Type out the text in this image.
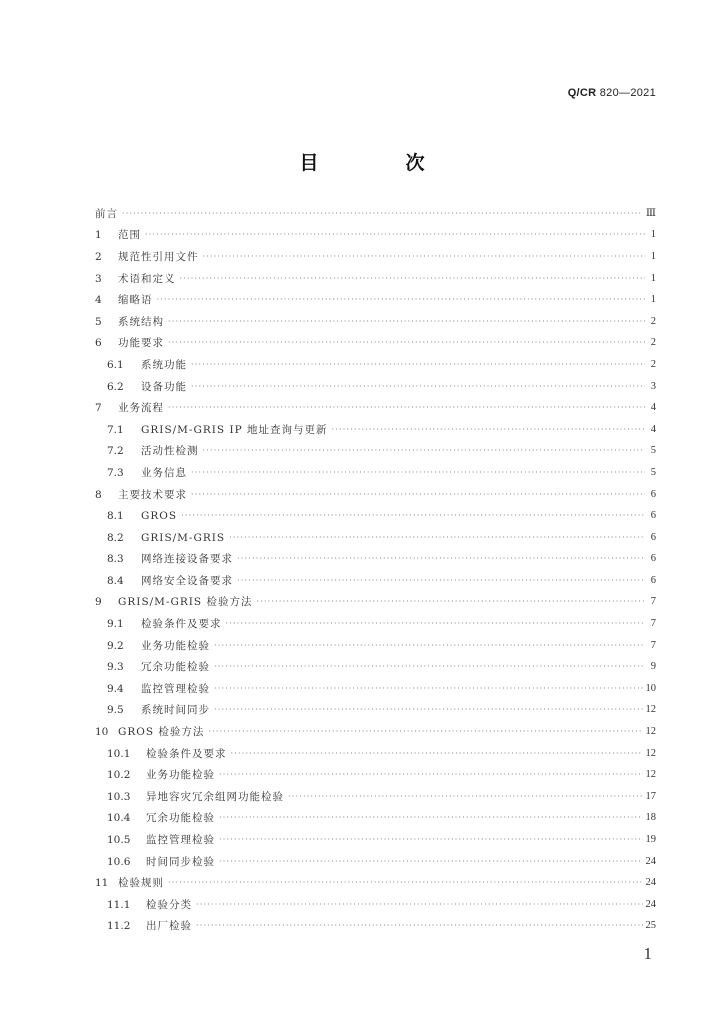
Q/CR 820—2021
目　次
前言 ·····	Ⅲ
1	范围 ·····	1
2	规范性引用文件 ·····	1
3	术语和定义 ·····	1
4	缩略语 ·····	1
5	系统结构 ·····	2
6	功能要求 ·····	2
6.1	系统功能 ·····	2
6.2	设备功能 ·····	3
7	业务流程 ·····	4
7.1	GRIS/M-GRIS IP 地址查询与更新 ·····	4
7.2	活动性检测 ·····	5
7.3	业务信息 ·····	5
8	主要技术要求 ·····	6
8.1	GROS ·····	6
8.2	GRIS/M-GRIS ·····	6
8.3	网络连接设备要求 ·····	6
8.4	网络安全设备要求 ·····	6
9	GRIS/M-GRIS 检验方法 ·····	7
9.1	检验条件及要求 ·····	7
9.2	业务功能检验 ·····	7
9.3	冗余功能检验 ·····	9
9.4	监控管理检验 ·····	10
9.5	系统时间同步 ·····	12
10 GROS 检验方法 ·····	12
10.1	检验条件及要求 ·····	12
10.2	业务功能检验 ·····	12
10.3	异地容灾冗余组网功能检验 ·····	17
10.4	冗余功能检验 ·····	18
10.5	监控管理检验 ·····	19
10.6	时间同步检验 ·····	24
11 检验规则 ·····	24
11.1	检验分类 ·····	24
11.2	出厂检验 ·····	25
1
